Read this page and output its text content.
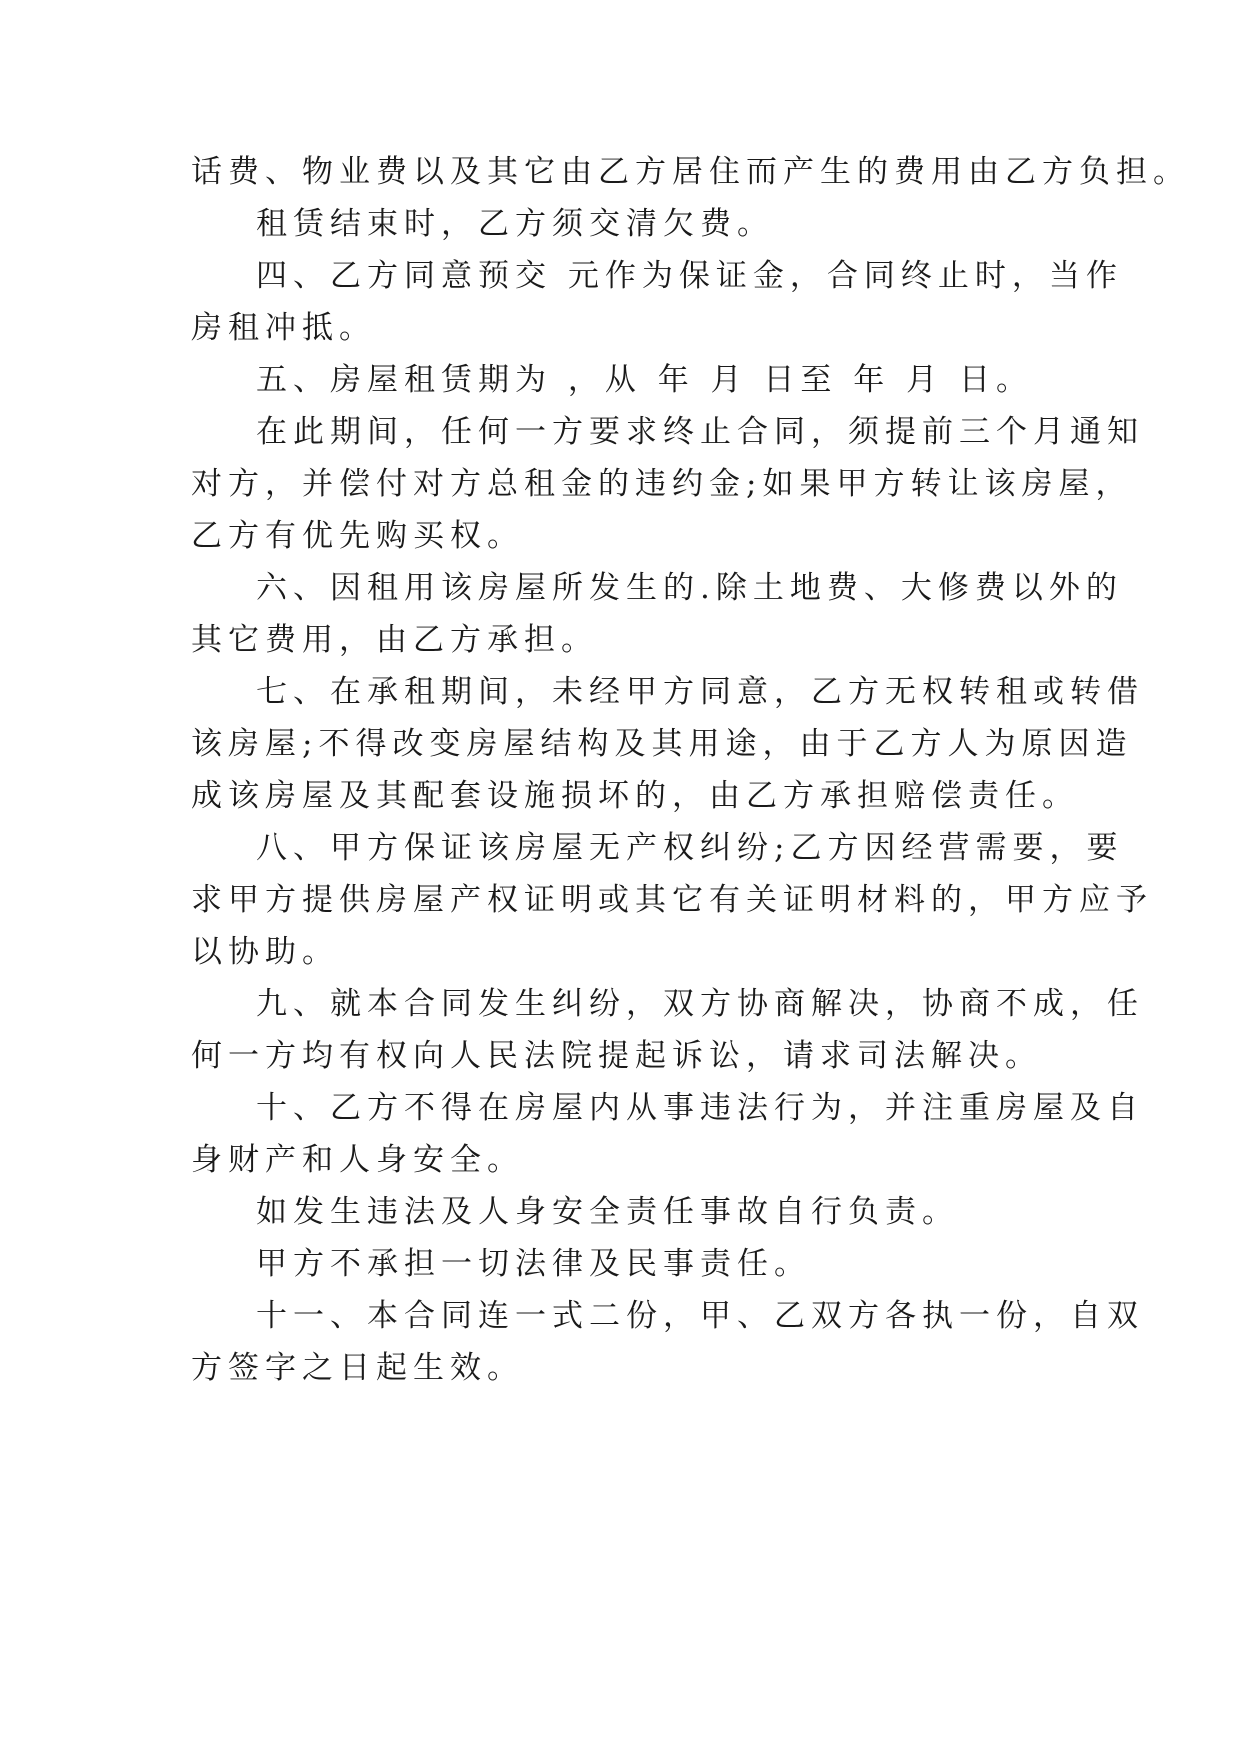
话费、物业费以及其它由乙方居住而产生的费用由乙方负担。
租赁结束时，乙方须交清欠费。
四、乙方同意预交 元作为保证金，合同终止时，当作
房租冲抵。
五、房屋租赁期为 ，从 年 月 日至 年 月 日。
在此期间，任何一方要求终止合同，须提前三个月通知
对方，并偿付对方总租金的违约金;如果甲方转让该房屋，
乙方有优先购买权。
六、因租用该房屋所发生的.除土地费、大修费以外的
其它费用，由乙方承担。
七、在承租期间，未经甲方同意，乙方无权转租或转借
该房屋;不得改变房屋结构及其用途，由于乙方人为原因造
成该房屋及其配套设施损坏的，由乙方承担赔偿责任。
八、甲方保证该房屋无产权纠纷;乙方因经营需要，要
求甲方提供房屋产权证明或其它有关证明材料的，甲方应予
以协助。
九、就本合同发生纠纷，双方协商解决，协商不成，任
何一方均有权向人民法院提起诉讼，请求司法解决。
十、乙方不得在房屋内从事违法行为，并注重房屋及自
身财产和人身安全。
如发生违法及人身安全责任事故自行负责。
甲方不承担一切法律及民事责任。
十一、本合同连一式二份，甲、乙双方各执一份，自双
方签字之日起生效。
